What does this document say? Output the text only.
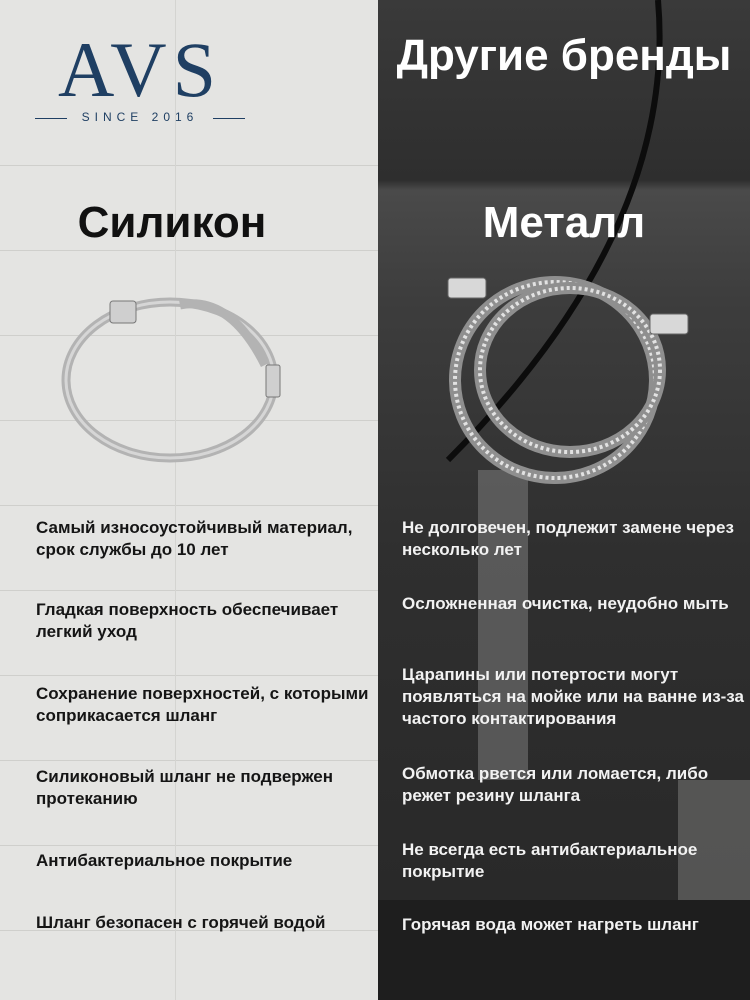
AVS
SINCE 2016
Другие бренды
Силикон	Металл
Самый износоустойчивый материал, срок службы до 10 лет
Гладкая поверхность обеспечивает легкий уход
Сохранение поверхностей, с которыми соприкасается шланг
Силиконовый шланг не подвержен протеканию
Антибактериальное покрытие
Шланг безопасен с горячей водой
Не долговечен, подлежит замене через несколько лет
Осложненная очистка, неудобно мыть
Царапины или потертости могут появляться на мойке или на ванне из-за частого контактирования
Обмотка рвется или ломается, либо режет резину шланга
Не всегда есть антибактериальное покрытие
Горячая вода может нагреть шланг
